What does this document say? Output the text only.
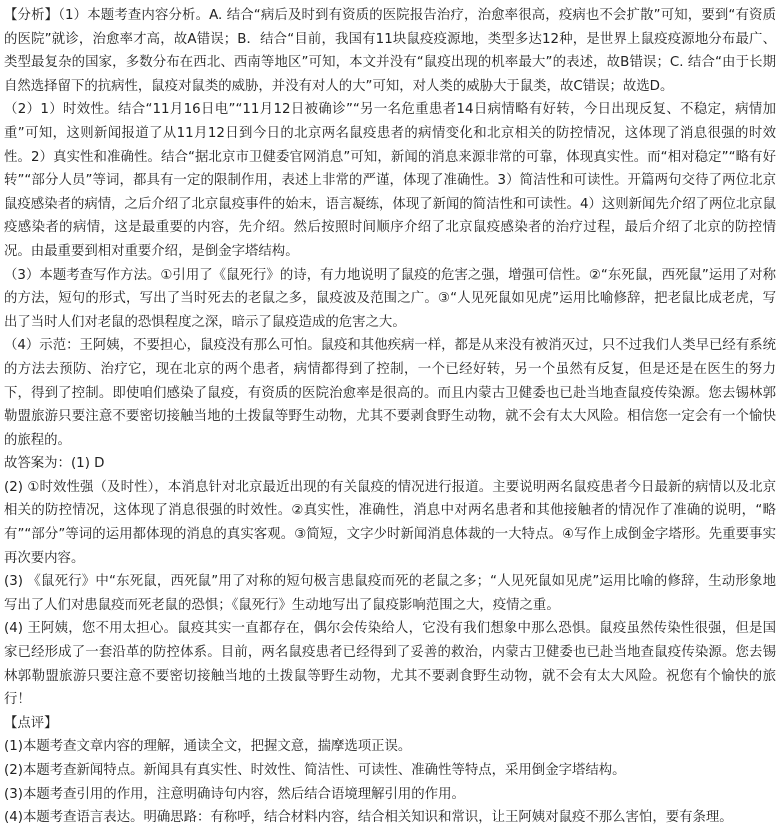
【分析】（1）本题考查内容分析。A. 结合“病后及时到有资质的医院报告治疗，治愈率很高，疫病也不会扩散”可知，要到“有资质的医院”就诊，治愈率才高，故A错误；B．结合“目前，我国有11块鼠疫疫源地，类型多达12种，是世界上鼠疫疫源地分布最广、类型最复杂的国家，多数分布在西北、西南等地区”可知，本文并没有“鼠疫出现的机率最大”的表述，故B错误；C. 结合“由于长期自然选择留下的抗病性，鼠疫对鼠类的威胁，并没有对人的大”可知，对人类的威胁大于鼠类，故C错误；故选D。

（2）1）时效性。结合“11月16日电”“11月12日被确诊”“另一名危重患者14日病情略有好转，今日出现反复、不稳定，病情加重”可知，这则新闻报道了从11月12日到今日的北京两名鼠疫患者的病情变化和北京相关的防控情况，这体现了消息很强的时效性。2）真实性和准确性。结合“据北京市卫健委官网消息”可知，新闻的消息来源非常的可靠，体现真实性。而“相对稳定”“略有好转”“部分人员”等词，都具有一定的限制作用，表述上非常的严谨，体现了准确性。3）简洁性和可读性。开篇两句交待了两位北京鼠疫感染者的病情，之后介绍了北京鼠疫事件的始末，语言凝练，体现了新闻的简洁性和可读性。4）这则新闻先介绍了两位北京鼠疫感染者的病情，这是最重要的内容，先介绍。然后按照时间顺序介绍了北京鼠疫感染者的治疗过程，最后介绍了北京的防控情况。由最重要到相对重要介绍，是倒金字塔结构。

（3）本题考查写作方法。①引用了《鼠死行》的诗，有力地说明了鼠疫的危害之强，增强可信性。②“东死鼠，西死鼠”运用了对称的方法，短句的形式，写出了当时死去的老鼠之多，鼠疫波及范围之广。③“人见死鼠如见虎”运用比喻修辞，把老鼠比成老虎，写出了当时人们对老鼠的恐惧程度之深，暗示了鼠疫造成的危害之大。

（4）示范：王阿姨，不要担心，鼠疫没有那么可怕。鼠疫和其他疾病一样，都是从来没有被消灭过，只不过我们人类早已经有系统的方法去预防、治疗它，现在北京的两个患者，病情都得到了控制，一个已经好转，另一个虽然有反复，但是还是在医生的努力下，得到了控制。即使咱们感染了鼠疫，有资质的医院治愈率是很高的。而且内蒙古卫健委也已赴当地查鼠疫传染源。您去锡林郭勒盟旅游只要注意不要密切接触当地的土拨鼠等野生动物，尤其不要剥食野生动物，就不会有太大风险。相信您一定会有一个愉快的旅程的。

故答案为：(1) D

(2) ①时效性强（及时性），本消息针对北京最近出现的有关鼠疫的情况进行报道。主要说明两名鼠疫患者今日最新的病情以及北京相关的防控情况，这体现了消息很强的时效性。②真实性，准确性，消息中对两名患者和其他接触者的情况作了准确的说明，“略有”“部分”等词的运用都体现的消息的真实客观。③简短，文字少时新闻消息体裁的一大特点。④写作上成倒金字塔形。先重要事实再次要内容。

(3) 《鼠死行》中“东死鼠，西死鼠”用了对称的短句极言患鼠疫而死的老鼠之多；“人见死鼠如见虎”运用比喻的修辞，生动形象地写出了人们对患鼠疫而死老鼠的恐惧；《鼠死行》生动地写出了鼠疫影响范围之大，疫情之重。

(4) 王阿姨，您不用太担心。鼠疫其实一直都存在，偶尔会传染给人，它没有我们想象中那么恐惧。鼠疫虽然传染性很强，但是国家已经形成了一套沿革的防控体系。目前，两名鼠疫患者已经得到了妥善的救治，内蒙古卫健委也已赴当地查鼠疫传染源。您去锡林郭勒盟旅游只要注意不要密切接触当地的土拨鼠等野生动物，尤其不要剥食野生动物，就不会有太大风险。祝您有个愉快的旅行！

【点评】

(1)本题考查文章内容的理解，通读全文，把握文意，揣摩选项正误。

(2)本题考查新闻特点。新闻具有真实性、时效性、简洁性、可读性、准确性等特点，采用倒金字塔结构。

(3)本题考查引用的作用，注意明确诗句内容，然后结合语境理解引用的作用。

(4)本题考查语言表达。明确思路：有称呼，结合材料内容，结合相关知识和常识，让王阿姨对鼠疫不那么害怕，要有条理。
